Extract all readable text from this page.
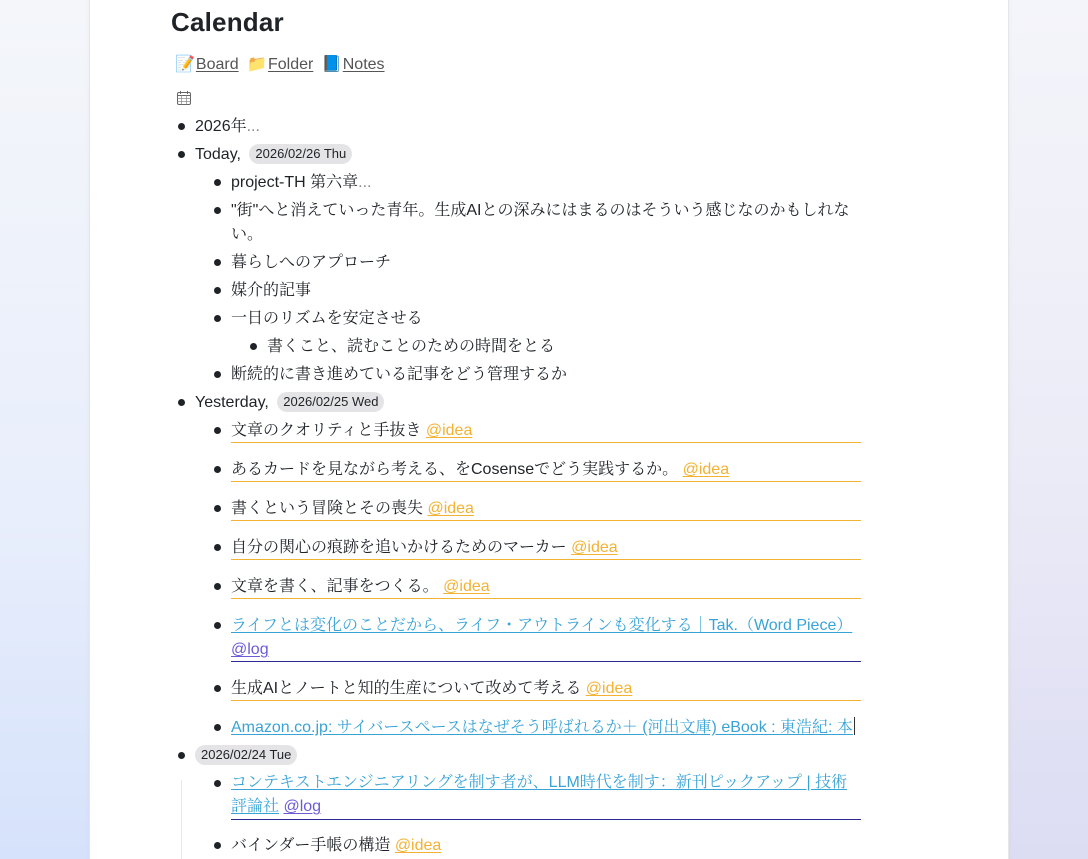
Calendar
📝Board 📁Folder 📘Notes
2026年...
Today, 2026/02/26 Thu
project-TH 第六章...
"街"へと消えていった青年。生成AIとの深みにはまるのはそういう感じなのかもしれない。
暮らしへのアプローチ
媒介的記事
一日のリズムを安定させる
書くこと、読むことのための時間をとる
断続的に書き進めている記事をどう管理するか
Yesterday, 2026/02/25 Wed
文章のクオリティと手抜き @idea
あるカードを見ながら考える、をCosenseでどう実践するか。 @idea
書くという冒険とその喪失 @idea
自分の関心の痕跡を追いかけるためのマーカー @idea
文章を書く、記事をつくる。 @idea
ライフとは変化のことだから、ライフ・アウトラインも変化する｜Tak.（Word Piece）
@log
生成AIとノートと知的生産について改めて考える @idea
Amazon.co.jp: サイバースペースはなぜそう呼ばれるか＋ (河出文庫) eBook : 東浩紀: 本
2026/02/24 Tue
コンテキストエンジニアリングを制す者が、LLM時代を制す：新刊ピックアップ | 技術評論社 @log
バインダー手帳の構造 @idea
